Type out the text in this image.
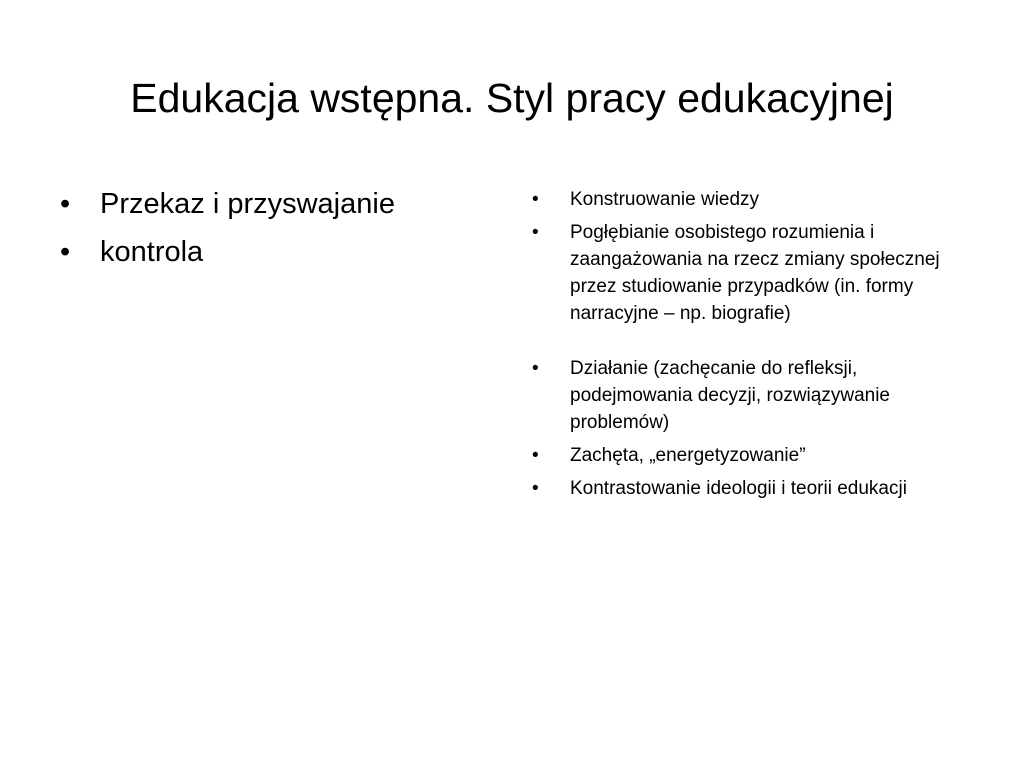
Edukacja wstępna. Styl pracy edukacyjnej
• Przekaz i przyswajanie
• kontrola
• Konstruowanie wiedzy
• Pogłębianie osobistego rozumienia i zaangażowania na rzecz zmiany społecznej przez studiowanie przypadków (in. formy narracyjne – np. biografie)
• Działanie (zachęcanie do refleksji, podejmowania decyzji, rozwiązywanie problemów)
• Zachęta, „energetyzowanie”
• Kontrastowanie ideologii i teorii edukacji
